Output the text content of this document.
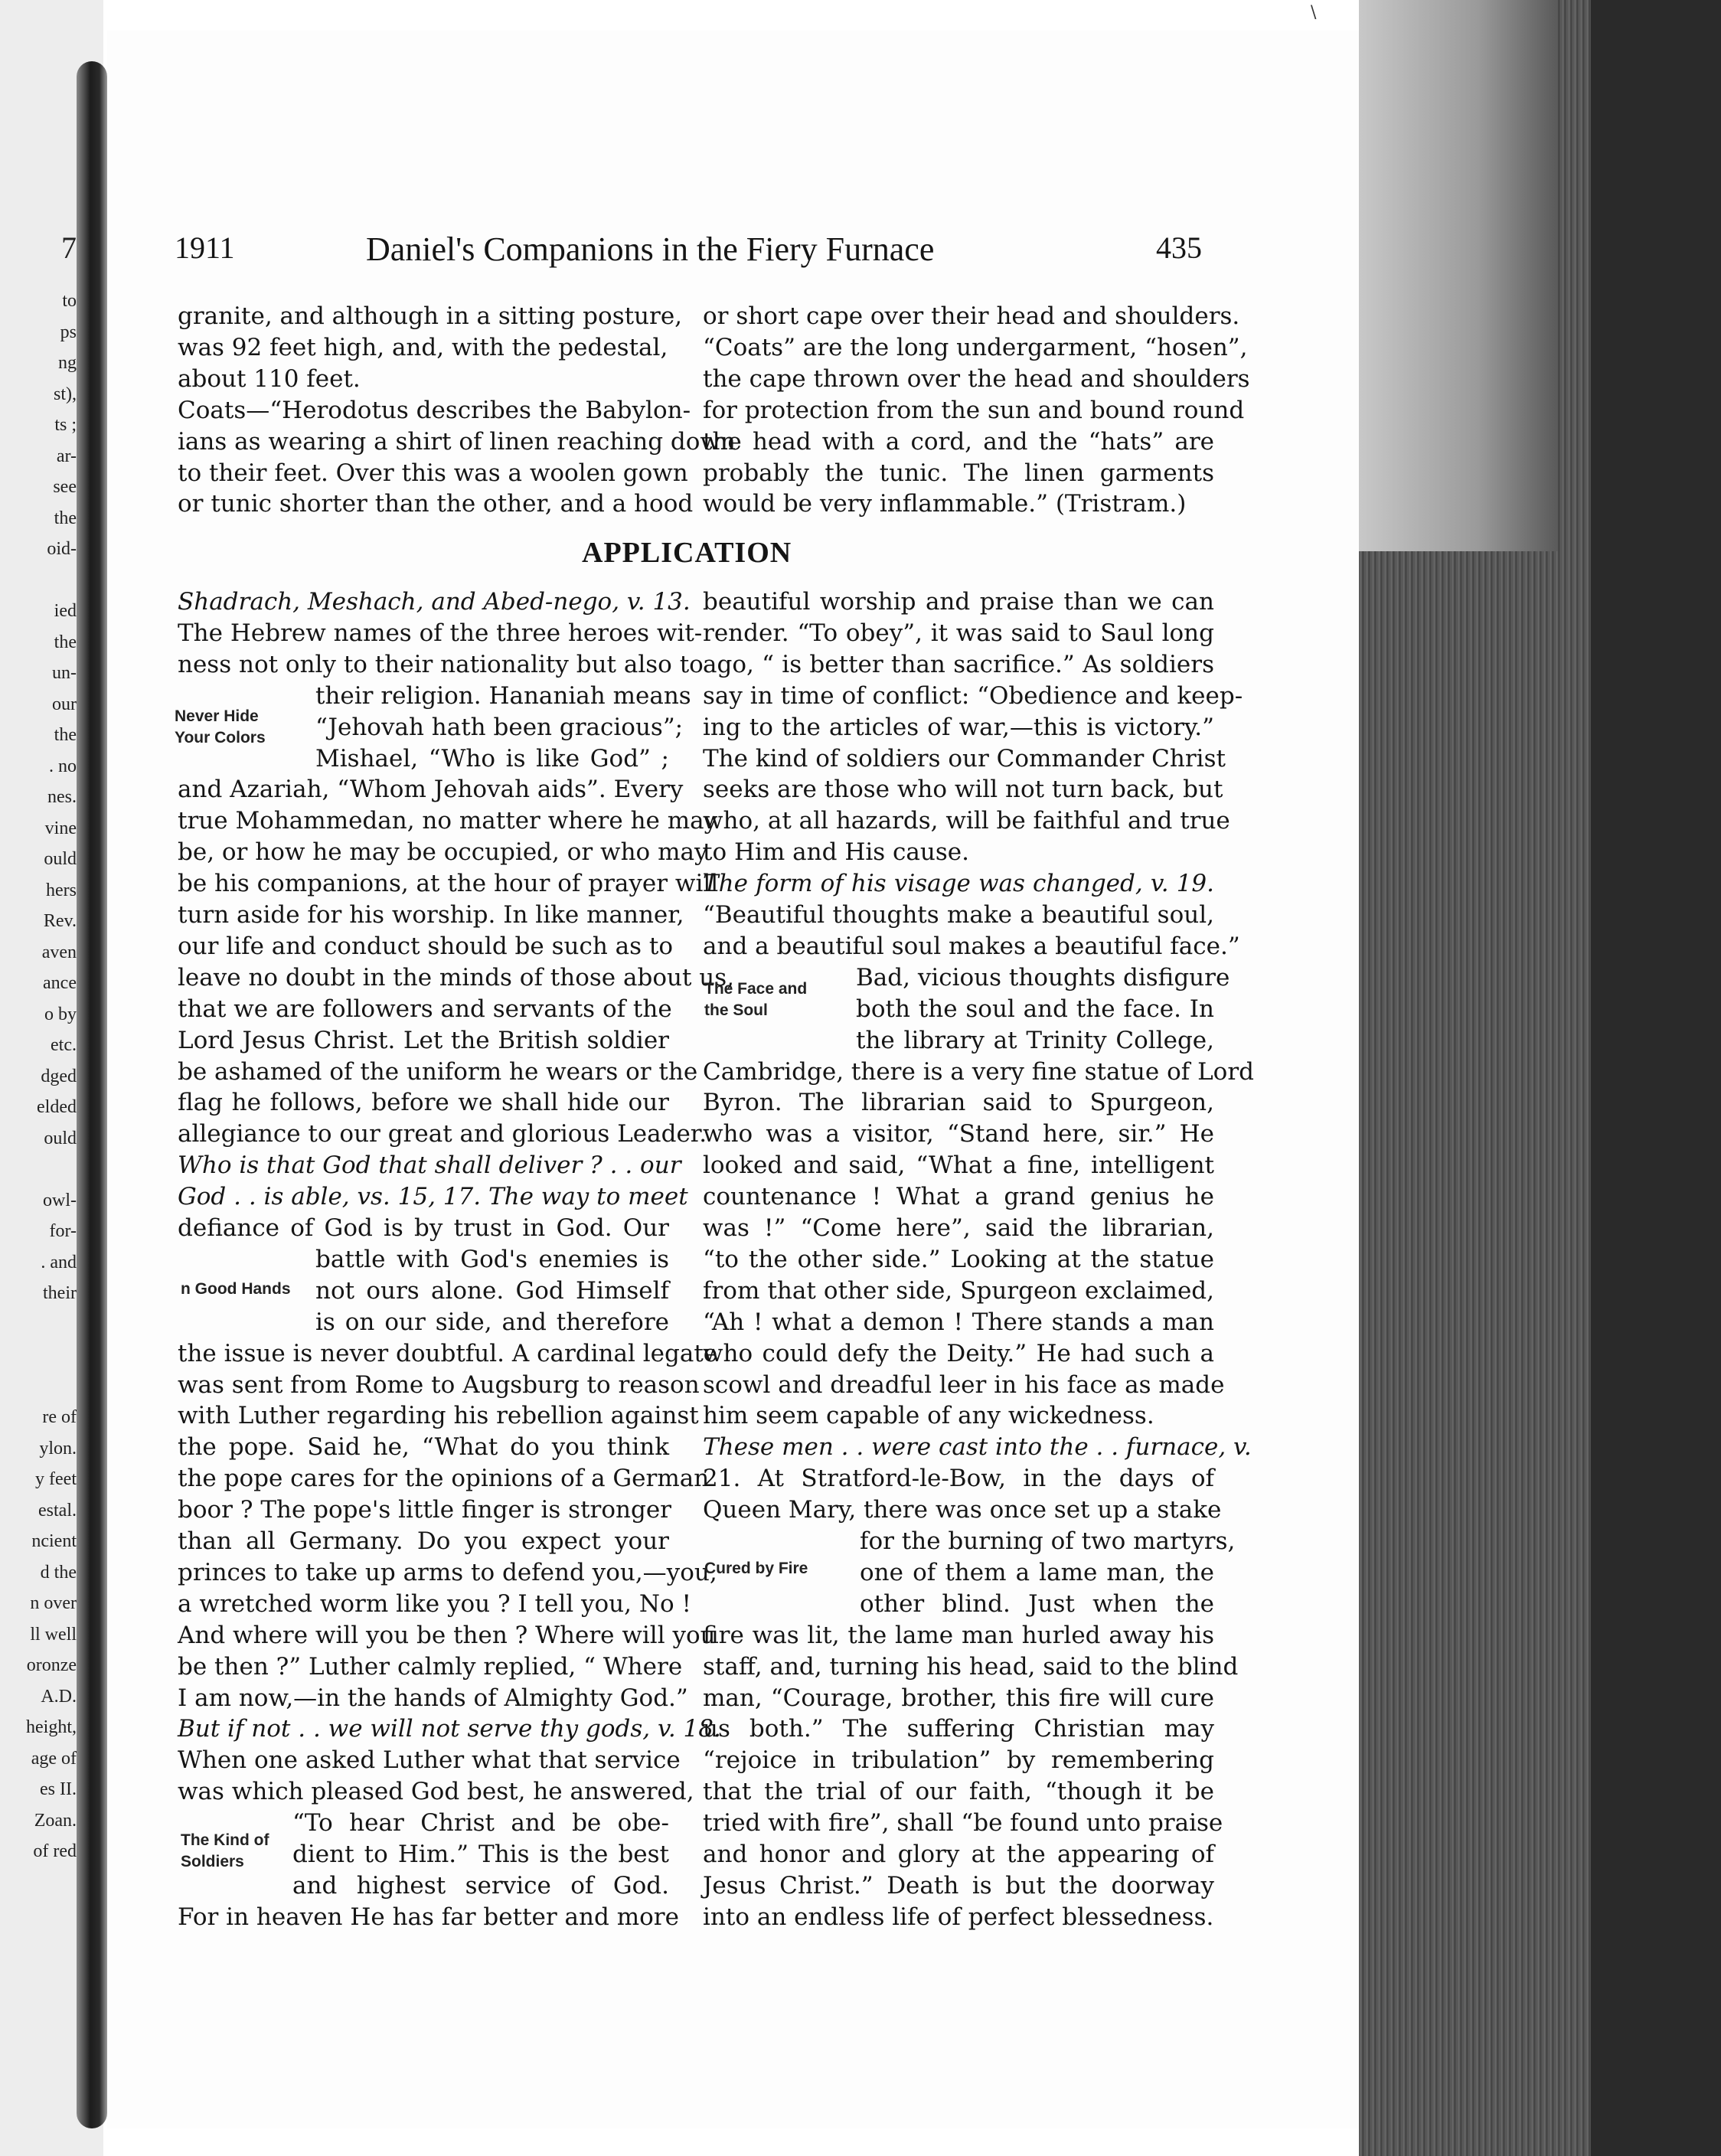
7
to
ps
ng
st),
ts ;
ar-
see
the
oid-
ied
the
un-
our
the
. no
nes.
vine
ould
hers
Rev.
aven
ance
o by
etc.
dged
elded
ould
owl-
for-
. and
their
re of
ylon.
y feet
estal.
ncient
d the
n over
ll well
oronze
A.D.
height,
age of
es II.
Zoan.
of red
\
1911	Daniel's Companions in the Fiery Furnace	435
granite, and although in a sitting posture,
was 92 feet high, and, with the pedestal,
about 110 feet.
Coats—“Herodotus describes the Babylon-
ians as wearing a shirt of linen reaching down
to their feet. Over this was a woolen gown
or tunic shorter than the other, and a hood
or short cape over their head and shoulders.
“Coats” are the long undergarment, “hosen”,
the cape thrown over the head and shoulders
for protection from the sun and bound round
the head with a cord, and the “hats” are
probably the tunic. The linen garments
would be very inflammable.” (Tristram.)
APPLICATION
Shadrach, Meshach, and Abed-nego, v. 13.
The Hebrew names of the three heroes wit-
ness not only to their nationality but also to
their religion. Hananiah means
“Jehovah hath been gracious”;
Mishael, “Who is like God” ;
and Azariah, “Whom Jehovah aids”. Every
true Mohammedan, no matter where he may
be, or how he may be occupied, or who may
be his companions, at the hour of prayer will
turn aside for his worship. In like manner,
our life and conduct should be such as to
leave no doubt in the minds of those about us,
that we are followers and servants of the
Lord Jesus Christ. Let the British soldier
be ashamed of the uniform he wears or the
flag he follows, before we shall hide our
allegiance to our great and glorious Leader.
Who is that God that shall deliver ? . . our
God . . is able, vs. 15, 17. The way to meet
defiance of God is by trust in God. Our
battle with God's enemies is
not ours alone. God Himself
is on our side, and therefore
the issue is never doubtful. A cardinal legate
was sent from Rome to Augsburg to reason
with Luther regarding his rebellion against
the pope. Said he, “What do you think
the pope cares for the opinions of a German
boor ? The pope's little finger is stronger
than all Germany. Do you expect your
princes to take up arms to defend you,—you,
a wretched worm like you ? I tell you, No !
And where will you be then ? Where will you
be then ?” Luther calmly replied, “ Where
I am now,—in the hands of Almighty God.”
But if not . . we will not serve thy gods, v. 18.
When one asked Luther what that service
was which pleased God best, he answered,
“To hear Christ and be obe-
dient to Him.” This is the best
and highest service of God.
For in heaven He has far better and more
beautiful worship and praise than we can
render. “To obey”, it was said to Saul long
ago, “ is better than sacrifice.” As soldiers
say in time of conflict: “Obedience and keep-
ing to the articles of war,—this is victory.”
The kind of soldiers our Commander Christ
seeks are those who will not turn back, but
who, at all hazards, will be faithful and true
to Him and His cause.
The form of his visage was changed, v. 19.
“Beautiful thoughts make a beautiful soul,
and a beautiful soul makes a beautiful face.”
Bad, vicious thoughts disfigure
both the soul and the face. In
the library at Trinity College,
Cambridge, there is a very fine statue of Lord
Byron. The librarian said to Spurgeon,
who was a visitor, “Stand here, sir.” He
looked and said, “What a fine, intelligent
countenance ! What a grand genius he
was !” “Come here”, said the librarian,
“to the other side.” Looking at the statue
from that other side, Spurgeon exclaimed,
“Ah ! what a demon ! There stands a man
who could defy the Deity.” He had such a
scowl and dreadful leer in his face as made
him seem capable of any wickedness.
These men . . were cast into the . . furnace, v.
21. At Stratford-le-Bow, in the days of
Queen Mary, there was once set up a stake
for the burning of two martyrs,
one of them a lame man, the
other blind. Just when the
fire was lit, the lame man hurled away his
staff, and, turning his head, said to the blind
man, “Courage, brother, this fire will cure
us both.” The suffering Christian may
“rejoice in tribulation” by remembering
that the trial of our faith, “though it be
tried with fire”, shall “be found unto praise
and honor and glory at the appearing of
Jesus Christ.” Death is but the doorway
into an endless life of perfect blessedness.
Never Hide
Your Colors
n Good Hands
The Kind of
Soldiers
The Face and
the Soul
Cured by Fire
